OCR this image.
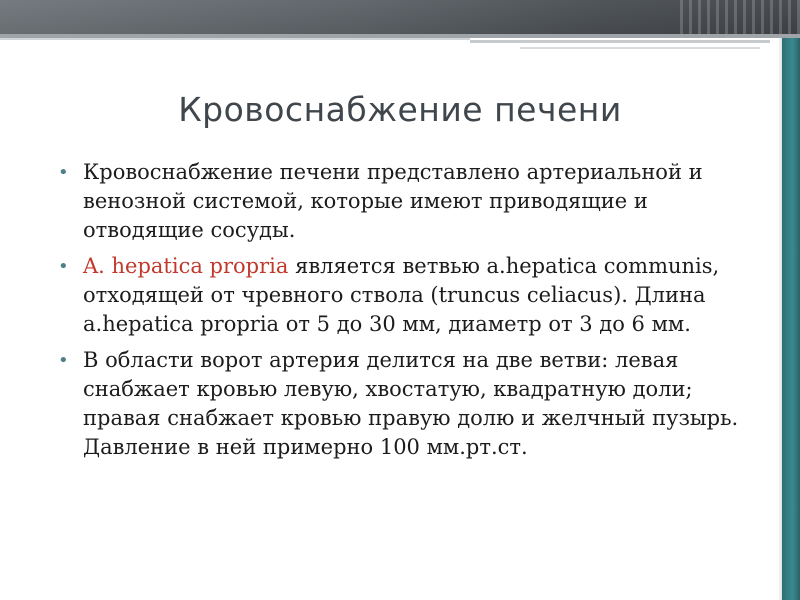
Кровоснабжение печени
• Кровоснабжение печени представлено артериальной и венозной системой, которые имеют приводящие и отводящие сосуды.
• A. hepatica propria является ветвью a.hepatica communis, отходящей от чревного ствола (truncus celiacus). Длина a.hepatica propria от 5 до 30 мм, диаметр от 3 до 6 мм.
• В области ворот артерия делится на две ветви: левая снабжает кровью левую, хвостатую, квадратную доли; правая снабжает кровью правую долю и желчный пузырь. Давление в ней примерно 100 мм.рт.ст.
